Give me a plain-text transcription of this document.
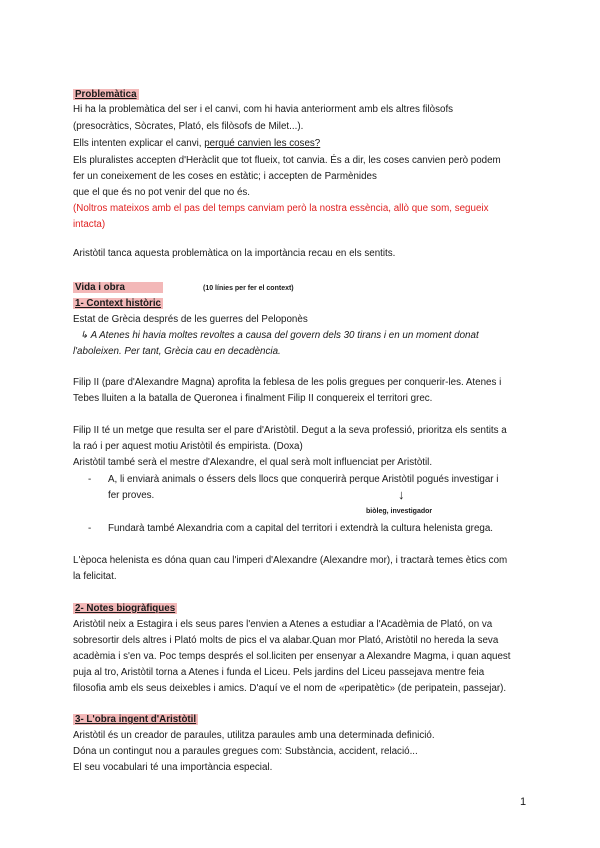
Problemàtica
Hi ha la problemàtica del ser i el canvi, com hi havia anteriorment amb els altres filòsofs
(presocràtics, Sòcrates, Plató, els filòsofs de Milet...).
Ells intenten explicar el canvi, perqué canvien les coses?
Els pluralistes accepten d'Heràclit que tot flueix, tot canvia. És a dir, les coses canvien però podem
fer un coneixement de les coses en estàtic; i accepten de Parmènides
que el que és no pot venir del que no és.
(Noltros mateixos amb el pas del temps canviam però la nostra essència, allò que som, segueix
intacta)
Aristòtil tanca aquesta problemàtica on la importància recau en els sentits.
Vida i obra	(10 línies per fer el context)
1- Context històric
Estat de Grècia després de les guerres del Peloponès
↳ A Atenes hi havia moltes revoltes a causa del govern dels 30 tirans i en un moment donat
l'aboleixen. Per tant, Grècia cau en decadència.
Filip II (pare d'Alexandre Magna) aprofita la feblesa de les polis gregues per conquerir-les. Atenes i
Tebes lluiten a la batalla de Queronea i finalment Filip II conquereix el territori grec.
Filip II té un metge que resulta ser el pare d'Aristòtil. Degut a la seva professió, prioritza els sentits a
la raó i per aquest motiu Aristòtil és empirista. (Doxa)
Aristòtil també serà el mestre d'Alexandre, el qual serà molt influenciat per Aristòtil.
- A, li enviarà animals o éssers dels llocs que conquerirà perque Aristòtil pogués investigar i
fer proves.	↓
biòleg, investigador
- Fundarà també Alexandria com a capital del territori i extendrà la cultura helenista grega.
L'època helenista es dóna quan cau l'imperi d'Alexandre (Alexandre mor), i tractarà temes ètics com
la felicitat.
2- Notes biogràfiques
Aristòtil neix a Estagira i els seus pares l'envien a Atenes a estudiar a l'Acadèmia de Plató, on va
sobresortir dels altres i Plató molts de pics el va alabar.Quan mor Plató, Aristòtil no hereda la seva
acadèmia i s'en va. Poc temps després el sol.liciten per ensenyar a Alexandre Magma, i quan aquest
puja al tro, Aristòtil torna a Atenes i funda el Liceu. Pels jardins del Liceu passejava mentre feia
filosofia amb els seus deixebles i amics. D'aquí ve el nom de «peripatètic» (de peripatein, passejar).
3- L'obra ingent d'Aristòtil
Aristòtil és un creador de paraules, utilitza paraules amb una determinada definició.
Dóna un contingut nou a paraules gregues com: Substància, accident, relació...
El seu vocabulari té una importància especial.
1
